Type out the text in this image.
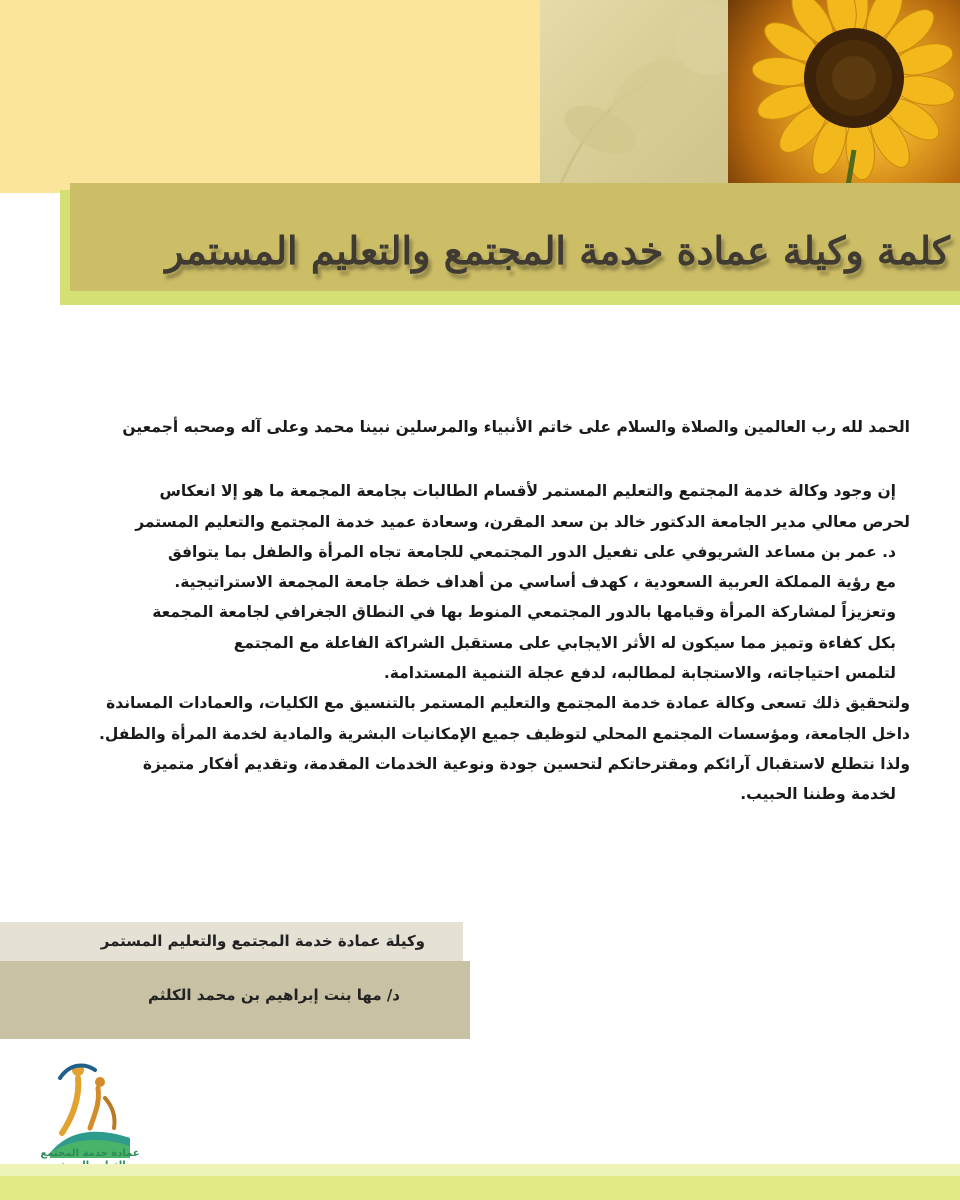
كلمة وكيلة عمادة خدمة المجتمع والتعليم المستمر

الحمد لله رب العالمين والصلاة والسلام على خاتم الأنبياء والمرسلين نبينا محمد وعلى آله وصحبه أجمعين

إن وجود وكالة خدمة المجتمع والتعليم المستمر لأقسام الطالبات بجامعة المجمعة ما هو إلا انعكاس

لحرص معالي مدير الجامعة الدكتور خالد بن سعد المقرن، وسعادة عميد خدمة المجتمع والتعليم المستمر

د. عمر بن مساعد الشريوفي على تفعيل الدور المجتمعي للجامعة تجاه المرأة والطفل بما يتوافق

مع رؤية المملكة العربية السعودية ، كهدف أساسي من أهداف خطة جامعة المجمعة الاستراتيجية.

وتعزيزاً لمشاركة المرأة وقيامها بالدور المجتمعي المنوط بها في النطاق الجغرافي لجامعة المجمعة

بكل كفاءة وتميز مما سيكون له الأثر الايجابي على مستقبل الشراكة الفاعلة مع المجتمع

لتلمس احتياجاته، والاستجابة لمطالبه، لدفع عجلة التنمية المستدامة.

ولتحقيق ذلك تسعى وكالة عمادة خدمة المجتمع والتعليم المستمر بالتنسيق مع الكليات، والعمادات المساندة

داخل الجامعة، ومؤسسات المجتمع المحلي لتوظيف جميع الإمكانيات البشرية والمادية لخدمة المرأة والطفل.

ولذا نتطلع لاستقبال آرائكم ومقترحاتكم لتحسين جودة ونوعية الخدمات المقدمة، وتقديم أفكار متميزة

لخدمة وطننا الحبيب.

وكيلة عمادة خدمة المجتمع والتعليم المستمر
د/ مها بنت إبراهيم بن محمد الكلثم
عمادة خدمة المجتمع
